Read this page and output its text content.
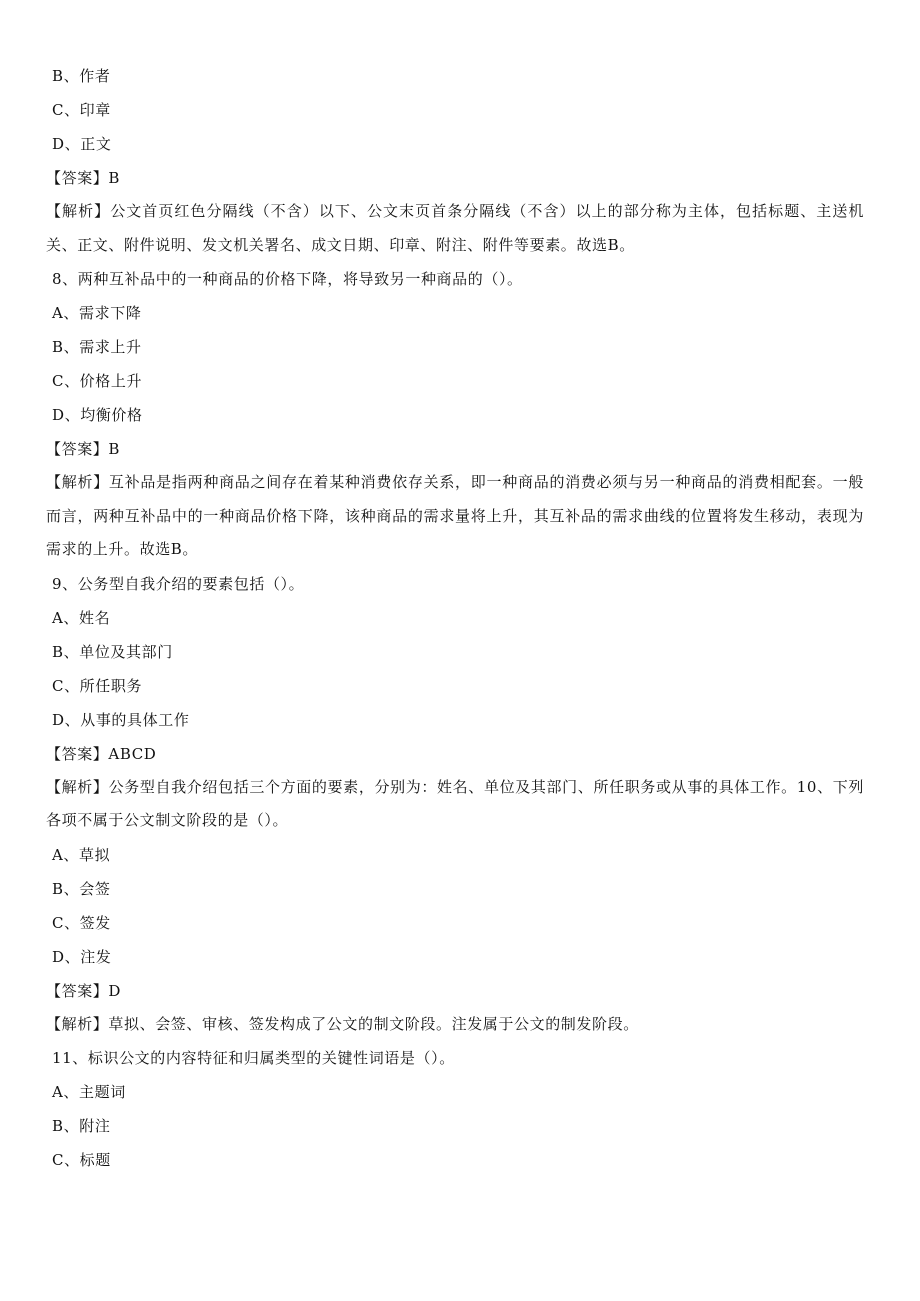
B、作者
C、印章
D、正文
【答案】B
【解析】公文首页红色分隔线（不含）以下、公文末页首条分隔线（不含）以上的部分称为主体，包括标题、主送机关、正文、附件说明、发文机关署名、成文日期、印章、附注、附件等要素。故选B。
8、两种互补品中的一种商品的价格下降，将导致另一种商品的（）。
A、需求下降
B、需求上升
C、价格上升
D、均衡价格
【答案】B
【解析】互补品是指两种商品之间存在着某种消费依存关系，即一种商品的消费必须与另一种商品的消费相配套。一般而言，两种互补品中的一种商品价格下降，该种商品的需求量将上升，其互补品的需求曲线的位置将发生移动，表现为需求的上升。故选B。
9、公务型自我介绍的要素包括（）。
A、姓名
B、单位及其部门
C、所任职务
D、从事的具体工作
【答案】ABCD
【解析】公务型自我介绍包括三个方面的要素，分别为：姓名、单位及其部门、所任职务或从事的具体工作。10、下列各项不属于公文制文阶段的是（）。
A、草拟
B、会签
C、签发
D、注发
【答案】D
【解析】草拟、会签、审核、签发构成了公文的制文阶段。注发属于公文的制发阶段。
11、标识公文的内容特征和归属类型的关键性词语是（）。
A、主题词
B、附注
C、标题
